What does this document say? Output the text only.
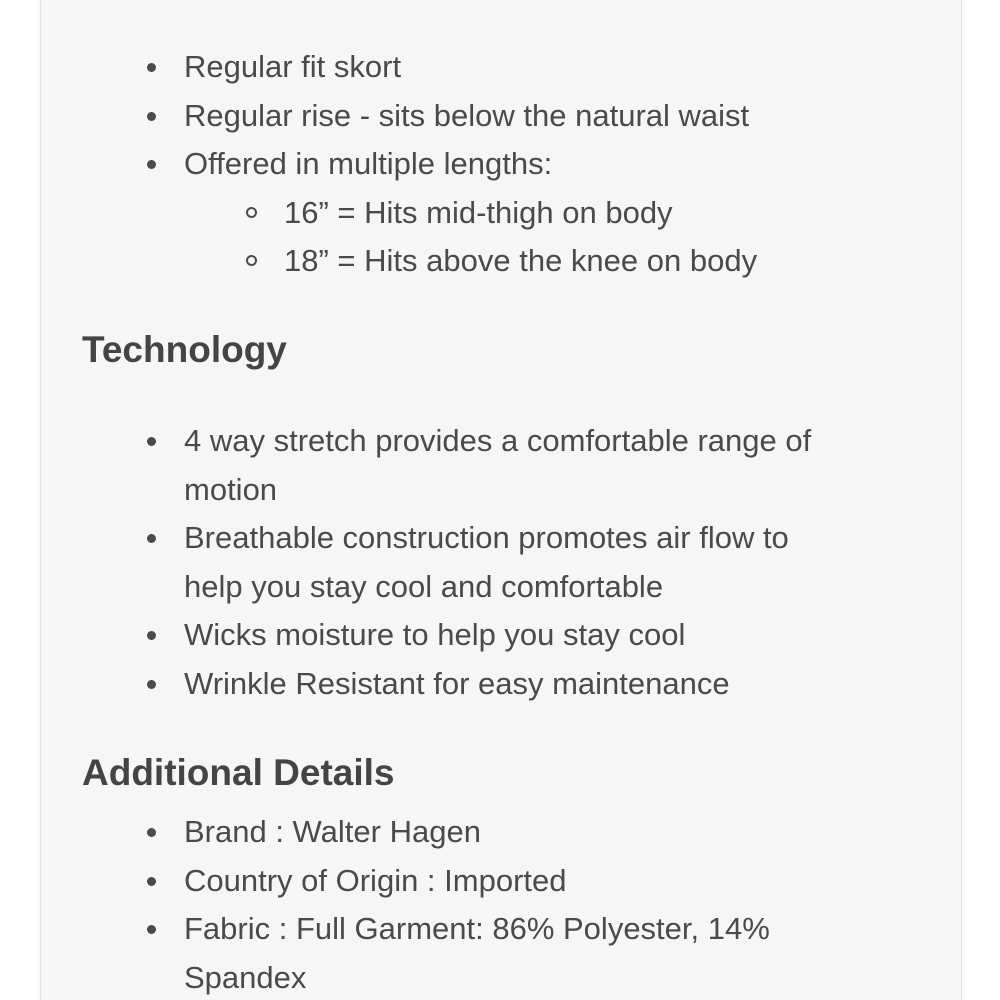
Regular fit skort
Regular rise - sits below the natural waist
Offered in multiple lengths:
16” = Hits mid-thigh on body
18” = Hits above the knee on body
Technology
4 way stretch provides a comfortable range of motion
Breathable construction promotes air flow to help you stay cool and comfortable
Wicks moisture to help you stay cool
Wrinkle Resistant for easy maintenance
Additional Details
Brand : Walter Hagen
Country of Origin : Imported
Fabric : Full Garment: 86% Polyester, 14% Spandex
